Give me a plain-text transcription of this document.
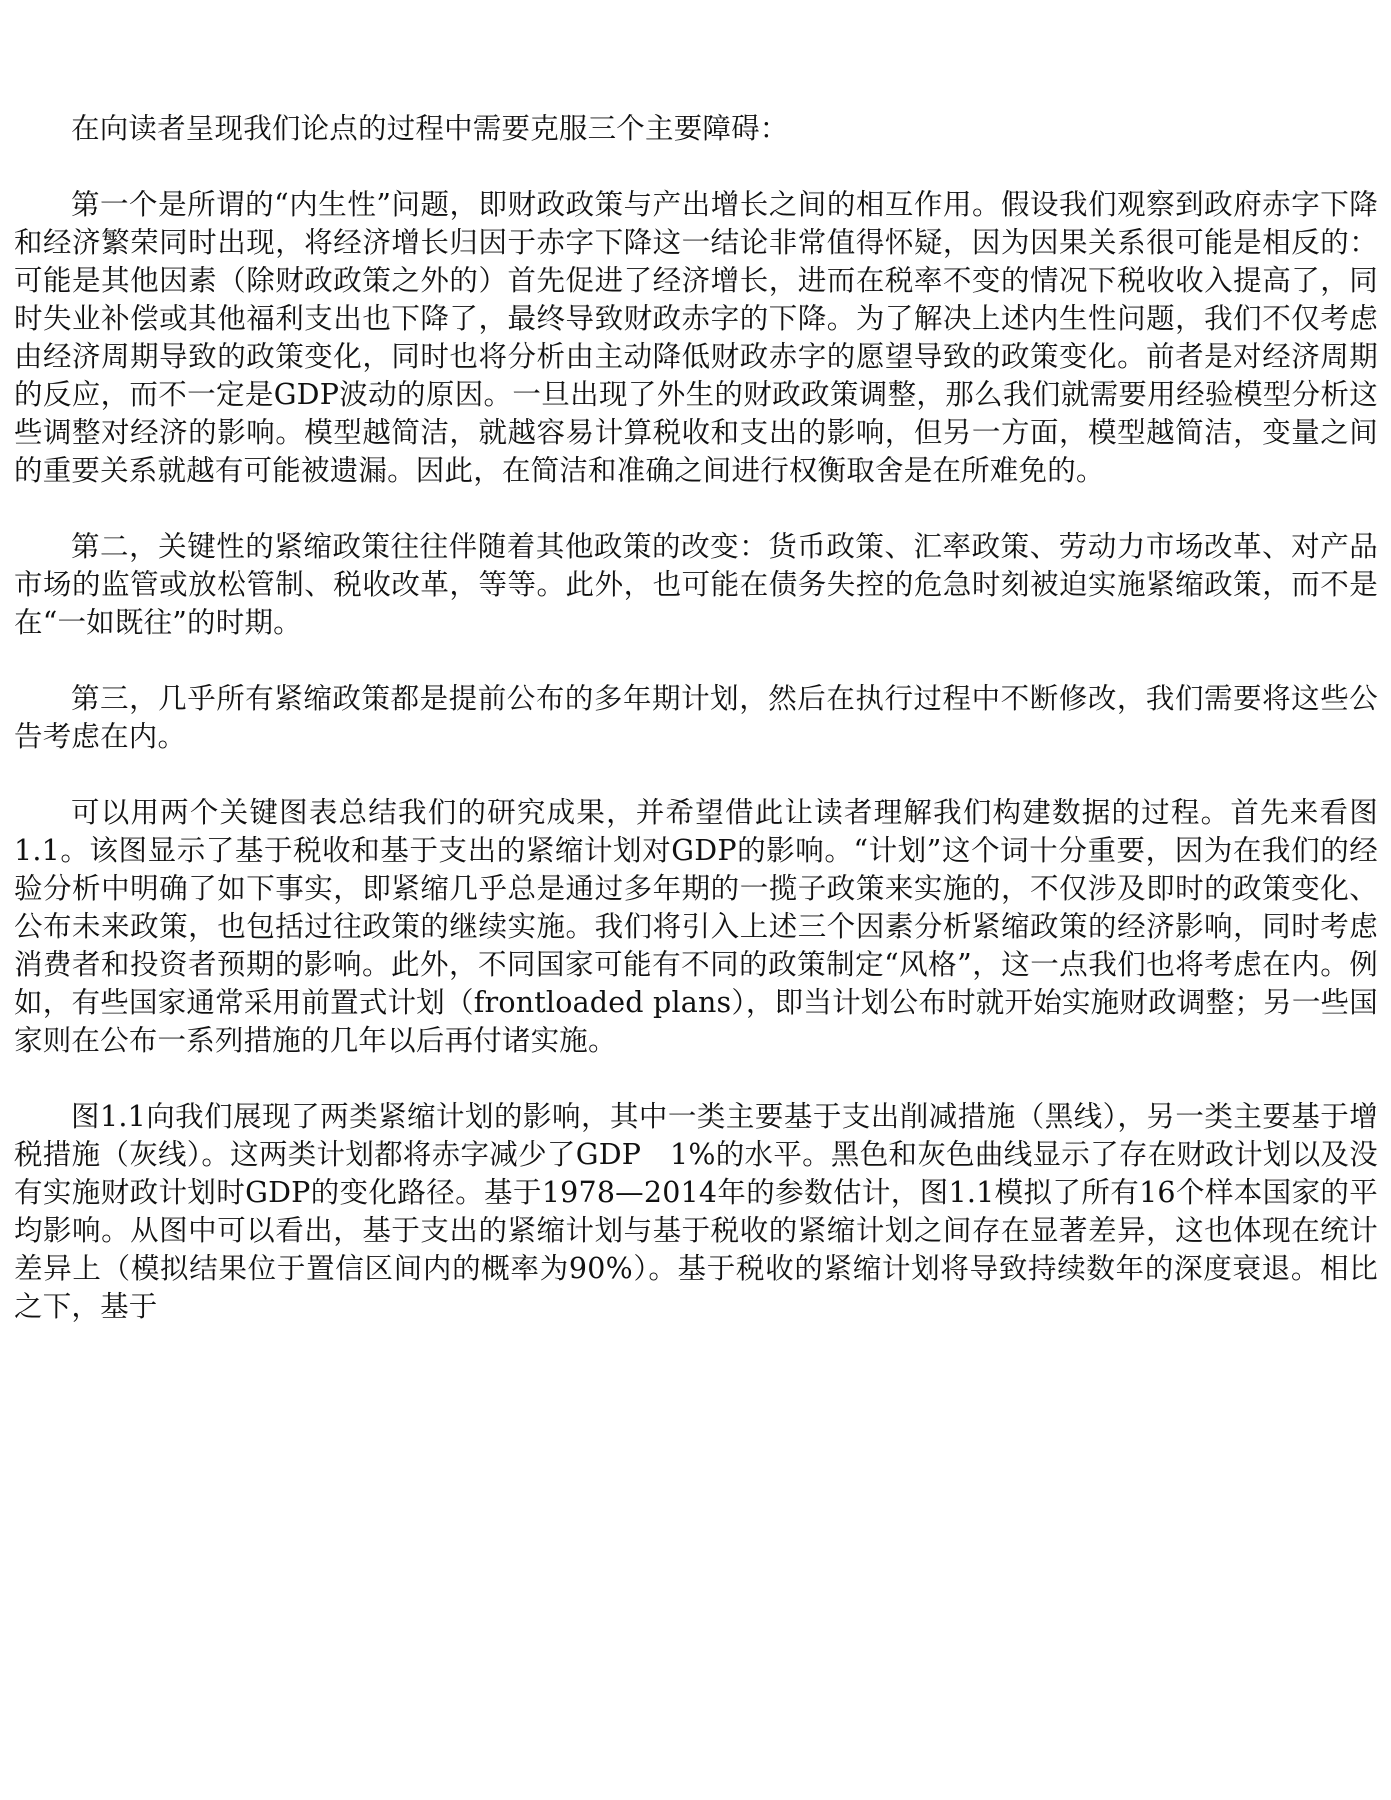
在向读者呈现我们论点的过程中需要克服三个主要障碍：

第一个是所谓的“内生性”问题，即财政政策与产出增长之间的相互作用。假设我们观察到政府赤字下降和经济繁荣同时出现，将经济增长归因于赤字下降这一结论非常值得怀疑，因为因果关系很可能是相反的：可能是其他因素（除财政政策之外的）首先促进了经济增长，进而在税率不变的情况下税收收入提高了，同时失业补偿或其他福利支出也下降了，最终导致财政赤字的下降。为了解决上述内生性问题，我们不仅考虑由经济周期导致的政策变化，同时也将分析由主动降低财政赤字的愿望导致的政策变化。前者是对经济周期的反应，而不一定是GDP波动的原因。一旦出现了外生的财政政策调整，那么我们就需要用经验模型分析这些调整对经济的影响。模型越简洁，就越容易计算税收和支出的影响，但另一方面，模型越简洁，变量之间的重要关系就越有可能被遗漏。因此，在简洁和准确之间进行权衡取舍是在所难免的。

第二，关键性的紧缩政策往往伴随着其他政策的改变：货币政策、汇率政策、劳动力市场改革、对产品市场的监管或放松管制、税收改革，等等。此外，也可能在债务失控的危急时刻被迫实施紧缩政策，而不是在“一如既往”的时期。

第三，几乎所有紧缩政策都是提前公布的多年期计划，然后在执行过程中不断修改，我们需要将这些公告考虑在内。

可以用两个关键图表总结我们的研究成果，并希望借此让读者理解我们构建数据的过程。首先来看图1.1。该图显示了基于税收和基于支出的紧缩计划对GDP的影响。“计划”这个词十分重要，因为在我们的经验分析中明确了如下事实，即紧缩几乎总是通过多年期的一揽子政策来实施的，不仅涉及即时的政策变化、公布未来政策，也包括过往政策的继续实施。我们将引入上述三个因素分析紧缩政策的经济影响，同时考虑消费者和投资者预期的影响。此外，不同国家可能有不同的政策制定“风格”，这一点我们也将考虑在内。例如，有些国家通常采用前置式计划（frontloaded plans），即当计划公布时就开始实施财政调整；另一些国家则在公布一系列措施的几年以后再付诸实施。

图1.1向我们展现了两类紧缩计划的影响，其中一类主要基于支出削减措施（黑线），另一类主要基于增税措施（灰线）。这两类计划都将赤字减少了GDP　1%的水平。黑色和灰色曲线显示了存在财政计划以及没有实施财政计划时GDP的变化路径。基于1978—2014年的参数估计，图1.1模拟了所有16个样本国家的平均影响。从图中可以看出，基于支出的紧缩计划与基于税收的紧缩计划之间存在显著差异，这也体现在统计差异上（模拟结果位于置信区间内的概率为90%）。基于税收的紧缩计划将导致持续数年的深度衰退。相比之下，基于
